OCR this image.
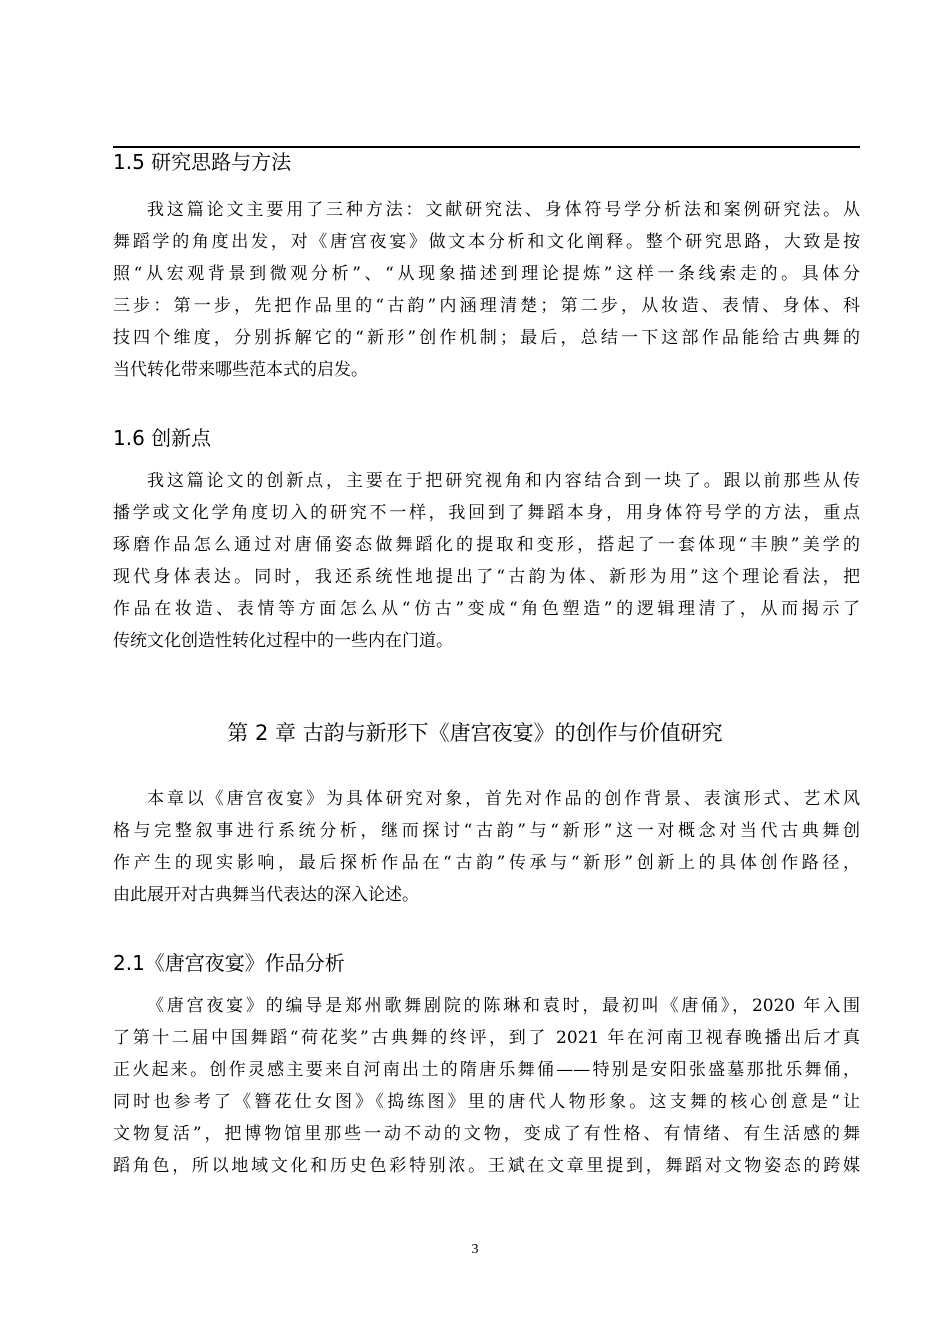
1.5 研究思路与方法
我这篇论文主要用了三种方法：文献研究法、身体符号学分析法和案例研究法。从
舞蹈学的角度出发，对《唐宫夜宴》做文本分析和文化阐释。整个研究思路，大致是按
照“从宏观背景到微观分析”、“从现象描述到理论提炼”这样一条线索走的。具体分
三步：第一步，先把作品里的“古韵”内涵理清楚；第二步，从妆造、表情、身体、科
技四个维度，分别拆解它的“新形”创作机制；最后，总结一下这部作品能给古典舞的
当代转化带来哪些范本式的启发。
1.6 创新点
我这篇论文的创新点，主要在于把研究视角和内容结合到一块了。跟以前那些从传
播学或文化学角度切入的研究不一样，我回到了舞蹈本身，用身体符号学的方法，重点
琢磨作品怎么通过对唐俑姿态做舞蹈化的提取和变形，搭起了一套体现“丰腴”美学的
现代身体表达。同时，我还系统性地提出了“古韵为体、新形为用”这个理论看法，把
作品在妆造、表情等方面怎么从“仿古”变成“角色塑造”的逻辑理清了，从而揭示了
传统文化创造性转化过程中的一些内在门道。
第 2 章 古韵与新形下《唐宫夜宴》的创作与价值研究
本章以《唐宫夜宴》为具体研究对象，首先对作品的创作背景、表演形式、艺术风
格与完整叙事进行系统分析，继而探讨“古韵”与“新形”这一对概念对当代古典舞创
作产生的现实影响，最后探析作品在“古韵”传承与“新形”创新上的具体创作路径，
由此展开对古典舞当代表达的深入论述。
2.1《唐宫夜宴》作品分析
《唐宫夜宴》的编导是郑州歌舞剧院的陈琳和袁时，最初叫《唐俑》，2020 年入围
了第十二届中国舞蹈“荷花奖”古典舞的终评，到了 2021 年在河南卫视春晚播出后才真
正火起来。创作灵感主要来自河南出土的隋唐乐舞俑——特别是安阳张盛墓那批乐舞俑，
同时也参考了《簪花仕女图》《捣练图》里的唐代人物形象。这支舞的核心创意是“让
文物复活”，把博物馆里那些一动不动的文物，变成了有性格、有情绪、有生活感的舞
蹈角色，所以地域文化和历史色彩特别浓。王斌在文章里提到，舞蹈对文物姿态的跨媒
3
